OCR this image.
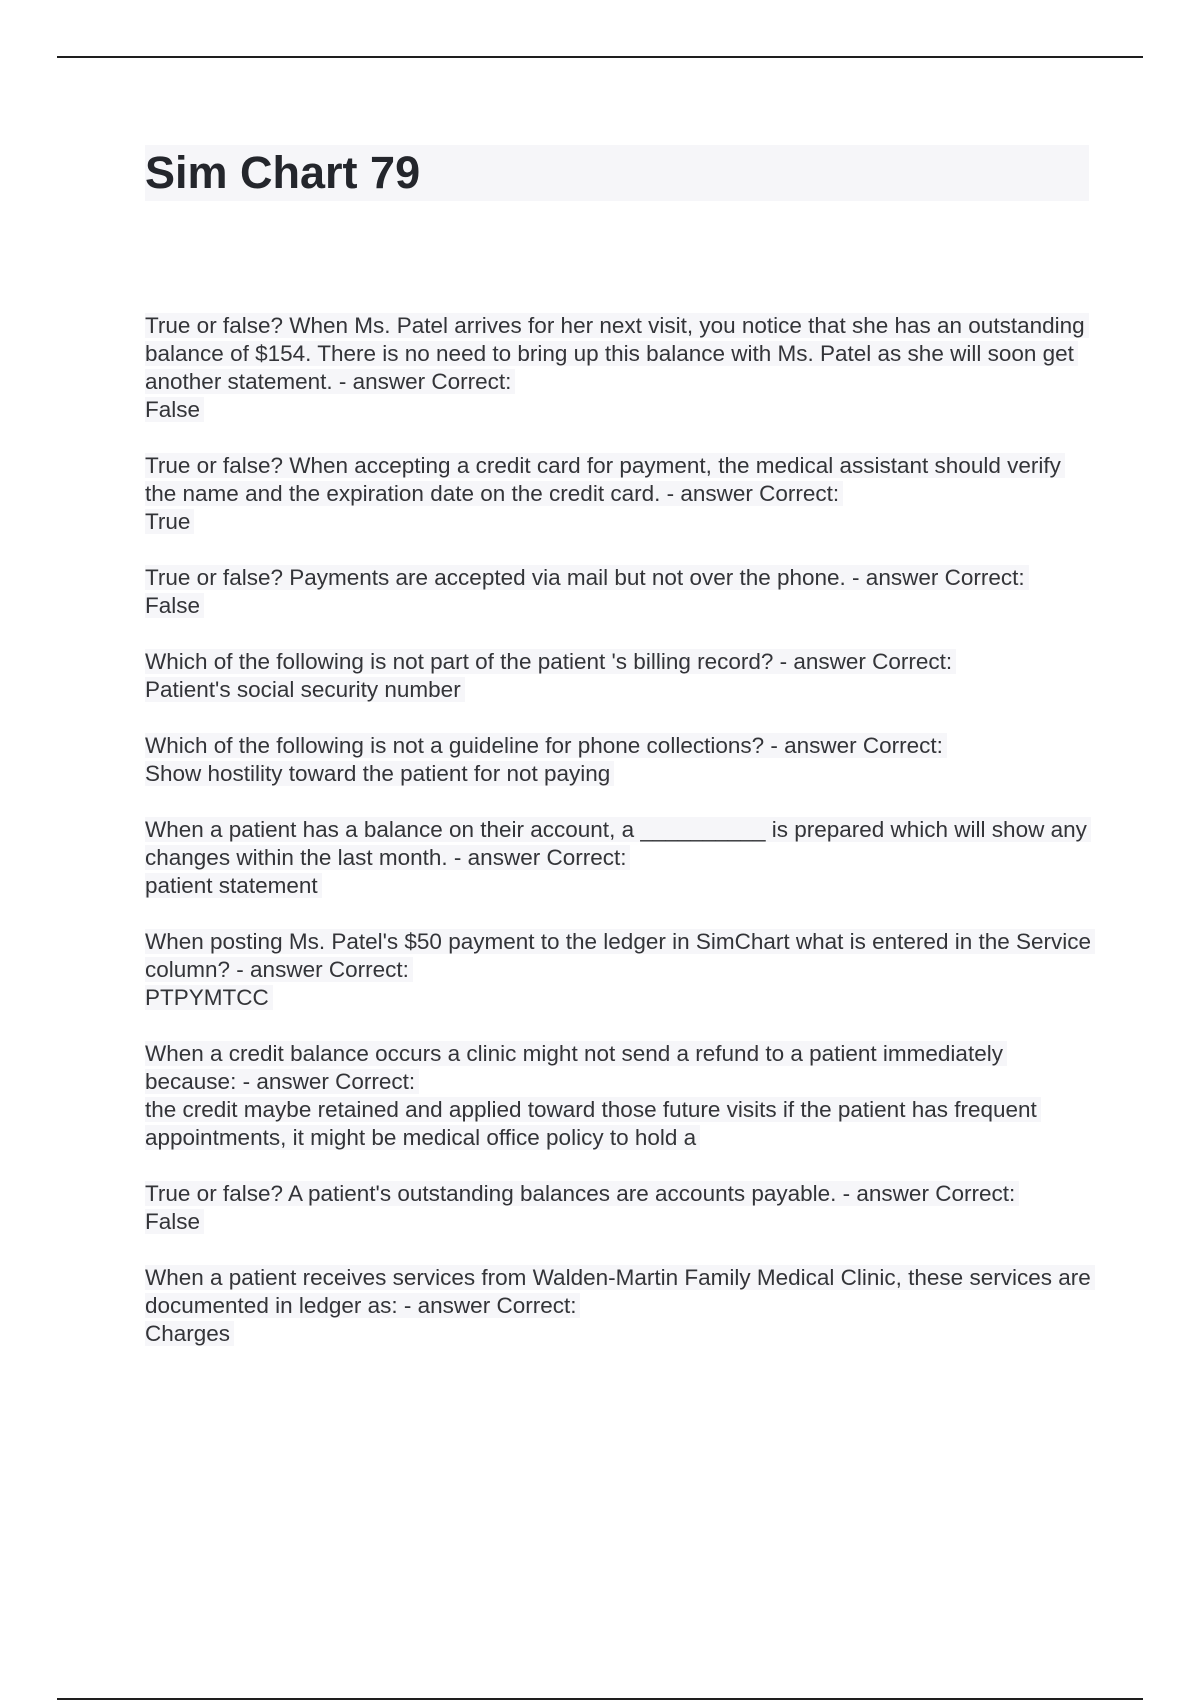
Sim Chart 79
True or false? When Ms. Patel arrives for her next visit, you notice that she has an outstanding balance of $154. There is no need to bring up this balance with Ms. Patel as she will soon get another statement. - answer Correct:
False
True or false? When accepting a credit card for payment, the medical assistant should verify the name and the expiration date on the credit card. - answer Correct:
True
True or false? Payments are accepted via mail but not over the phone. - answer Correct:
False
Which of the following is not part of the patient 's billing record? - answer Correct:
Patient's social security number
Which of the following is not a guideline for phone collections? - answer Correct:
Show hostility toward the patient for not paying
When a patient has a balance on their account, a __________ is prepared which will show any changes within the last month. - answer Correct:
patient statement
When posting Ms. Patel's $50 payment to the ledger in SimChart what is entered in the Service column? - answer Correct:
PTPYMTCC
When a credit balance occurs a clinic might not send a refund to a patient immediately because: - answer Correct:
the credit maybe retained and applied toward those future visits if the patient has frequent appointments, it might be medical office policy to hold a
True or false? A patient's outstanding balances are accounts payable. - answer Correct:
False
When a patient receives services from Walden-Martin Family Medical Clinic, these services are documented in ledger as: - answer Correct:
Charges
